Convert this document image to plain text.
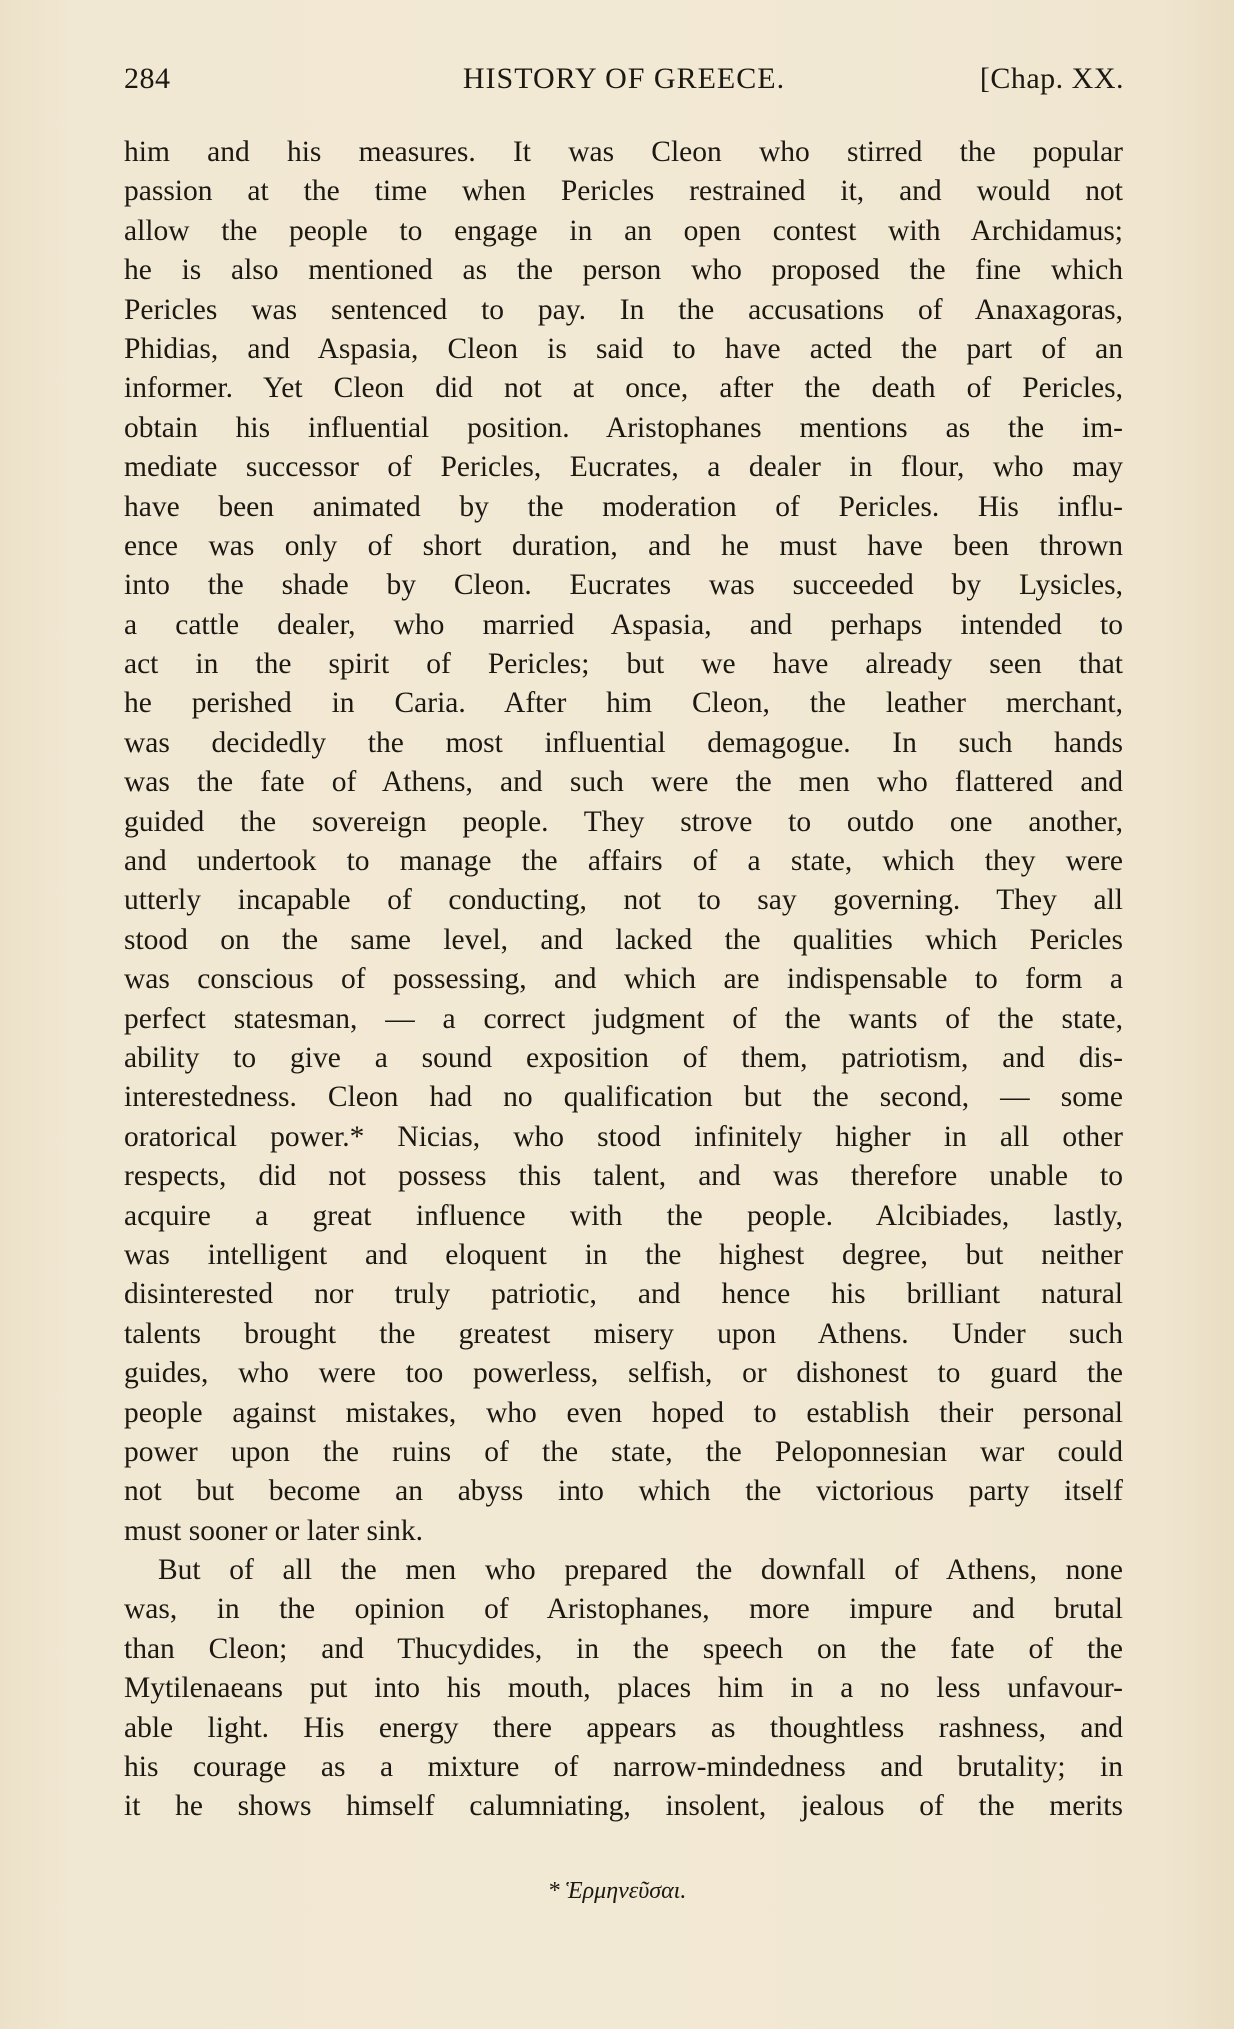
284	HISTORY OF GREECE.	[Chap. XX.
him and his measures. It was Cleon who stirred the popular
passion at the time when Pericles restrained it, and would not
allow the people to engage in an open contest with Archidamus;
he is also mentioned as the person who proposed the fine which
Pericles was sentenced to pay. In the accusations of Anaxagoras,
Phidias, and Aspasia, Cleon is said to have acted the part of an
informer. Yet Cleon did not at once, after the death of Pericles,
obtain his influential position. Aristophanes mentions as the im-
mediate successor of Pericles, Eucrates, a dealer in flour, who may
have been animated by the moderation of Pericles. His influ-
ence was only of short duration, and he must have been thrown
into the shade by Cleon. Eucrates was succeeded by Lysicles,
a cattle dealer, who married Aspasia, and perhaps intended to
act in the spirit of Pericles; but we have already seen that
he perished in Caria. After him Cleon, the leather merchant,
was decidedly the most influential demagogue. In such hands
was the fate of Athens, and such were the men who flattered and
guided the sovereign people. They strove to outdo one another,
and undertook to manage the affairs of a state, which they were
utterly incapable of conducting, not to say governing. They all
stood on the same level, and lacked the qualities which Pericles
was conscious of possessing, and which are indispensable to form a
perfect statesman, — a correct judgment of the wants of the state,
ability to give a sound exposition of them, patriotism, and dis-
interestedness. Cleon had no qualification but the second, — some
oratorical power.* Nicias, who stood infinitely higher in all other
respects, did not possess this talent, and was therefore unable to
acquire a great influence with the people. Alcibiades, lastly,
was intelligent and eloquent in the highest degree, but neither
disinterested nor truly patriotic, and hence his brilliant natural
talents brought the greatest misery upon Athens. Under such
guides, who were too powerless, selfish, or dishonest to guard the
people against mistakes, who even hoped to establish their personal
power upon the ruins of the state, the Peloponnesian war could
not but become an abyss into which the victorious party itself
must sooner or later sink.
But of all the men who prepared the downfall of Athens, none
was, in the opinion of Aristophanes, more impure and brutal
than Cleon; and Thucydides, in the speech on the fate of the
Mytilenaeans put into his mouth, places him in a no less unfavour-
able light. His energy there appears as thoughtless rashness, and
his courage as a mixture of narrow-mindedness and brutality; in
it he shows himself calumniating, insolent, jealous of the merits
* Ἑρμηνεῦσαι.
